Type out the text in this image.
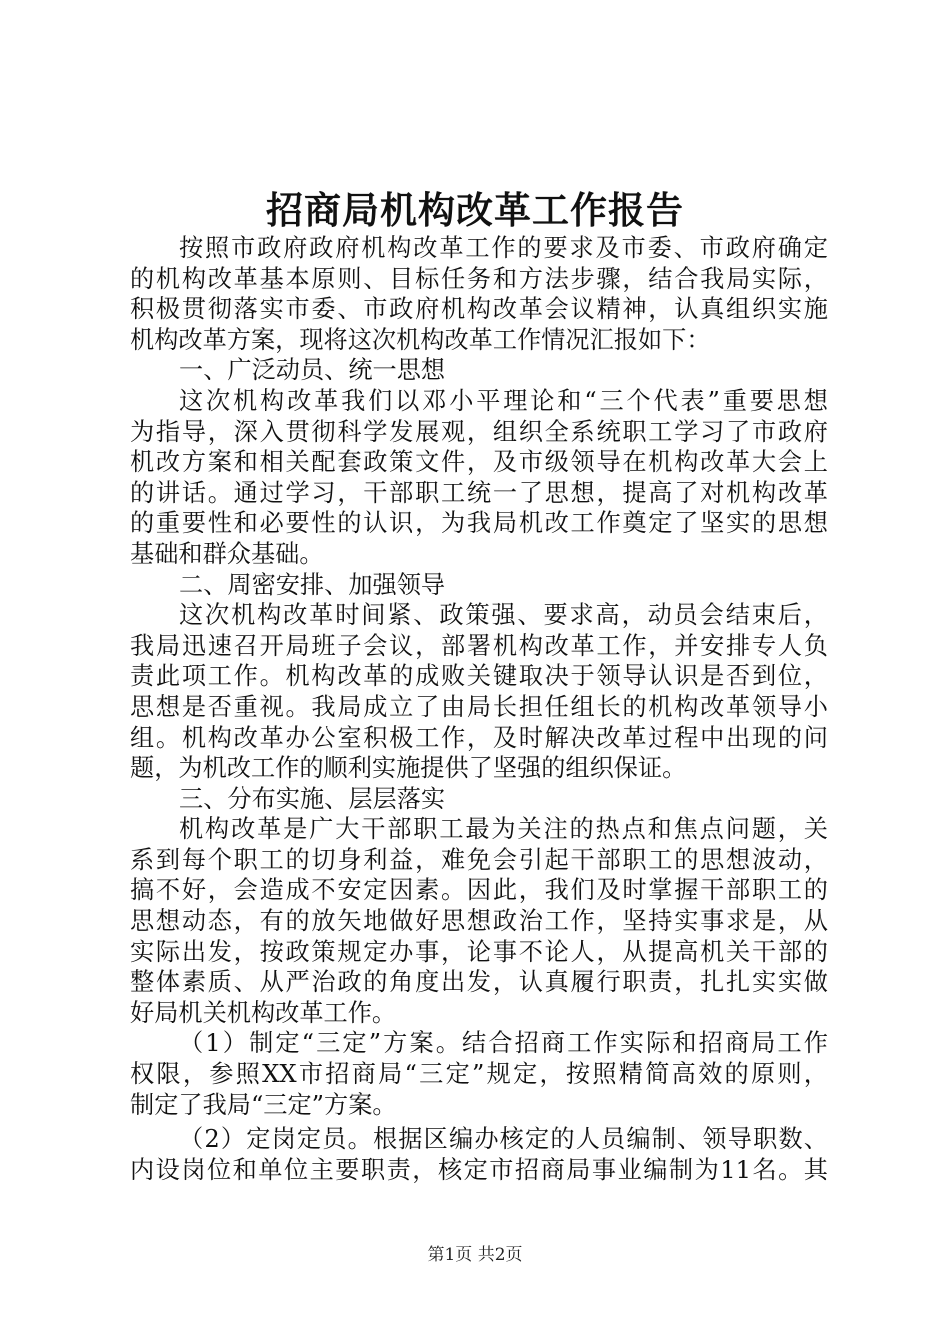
招商局机构改革工作报告
按照市政府政府机构改革工作的要求及市委、市政府确定
的机构改革基本原则、目标任务和方法步骤，结合我局实际，
积极贯彻落实市委、市政府机构改革会议精神，认真组织实施
机构改革方案，现将这次机构改革工作情况汇报如下：
一、广泛动员、统一思想
这次机构改革我们以邓小平理论和“三个代表”重要思想
为指导，深入贯彻科学发展观，组织全系统职工学习了市政府
机改方案和相关配套政策文件，及市级领导在机构改革大会上
的讲话。通过学习，干部职工统一了思想，提高了对机构改革
的重要性和必要性的认识，为我局机改工作奠定了坚实的思想
基础和群众基础。
二、周密安排、加强领导
这次机构改革时间紧、政策强、要求高，动员会结束后，
我局迅速召开局班子会议，部署机构改革工作，并安排专人负
责此项工作。机构改革的成败关键取决于领导认识是否到位，
思想是否重视。我局成立了由局长担任组长的机构改革领导小
组。机构改革办公室积极工作，及时解决改革过程中出现的问
题，为机改工作的顺利实施提供了坚强的组织保证。
三、分布实施、层层落实
机构改革是广大干部职工最为关注的热点和焦点问题，关
系到每个职工的切身利益，难免会引起干部职工的思想波动，
搞不好，会造成不安定因素。因此，我们及时掌握干部职工的
思想动态，有的放矢地做好思想政治工作，坚持实事求是，从
实际出发，按政策规定办事，论事不论人，从提高机关干部的
整体素质、从严治政的角度出发，认真履行职责，扎扎实实做
好局机关机构改革工作。
（1）制定“三定”方案。结合招商工作实际和招商局工作
权限，参照XX市招商局“三定”规定，按照精简高效的原则，
制定了我局“三定”方案。
（2）定岗定员。根据区编办核定的人员编制、领导职数、
内设岗位和单位主要职责，核定市招商局事业编制为11名。其
第1页 共2页
